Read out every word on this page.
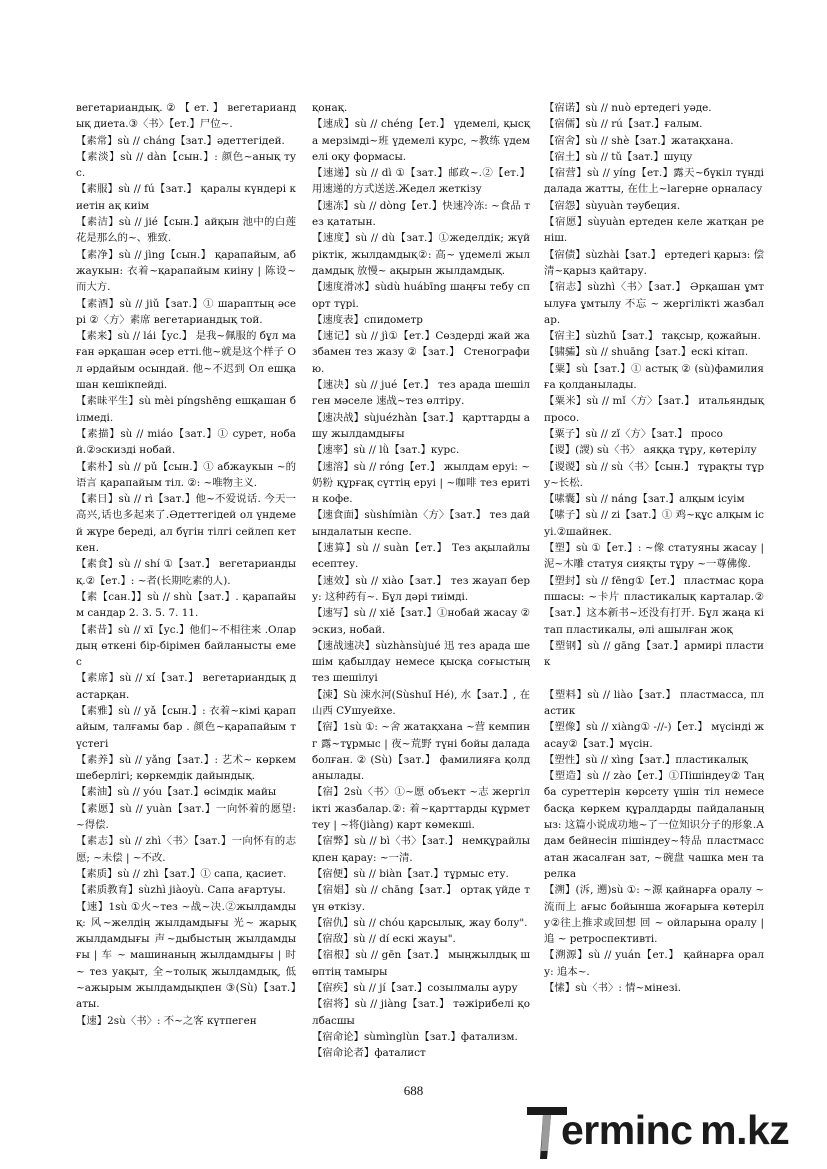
вегетариандық. ② 【 ет. 】 вегетариандық диета.③〈书〉【ет.】尸位~.

【素常】sù // cháng【зат.】әдеттегідей.

【素淡】sù // dàn【сын.】: 颜色~анық тус.

【素服】sù // fú【зат.】 қаралы күндері киетін ақ киім

【素洁】sù // jié【сын.】айқын 池中的白莲花是那么的~、雅致.

【素净】sù // jìng【сын.】 қарапайым, абжаукын: 衣着~қарапайым киіну | 陈设~而大方.

【素酒】sù // jiǔ【зат.】① шараптың әсері ②〈方〉素席 вегетариандық той.

【素来】sù // lái【ус.】 是我~佩服的 бұл маған әрқашан әсер етті.他~就是这个样子 Ол әрдайым осындай. 他~不迟到 Ол ешқашан кешікпейді.

【素昧平生】sù mèi píngshēng ешқашан білмеді.

【素描】sù // miáo【зат.】① сурет, нобай.②эскизді нобай.

【素朴】sù // pǔ【сын.】① абжаукын ~的语言 қарапайым тіл. ②: ~唯物主义.

【素日】sù // rì【зат.】他~不爱说话. 今天一高兴,话也多起来了.Әдеттегідей ол үндемей жүре береді, ал бүгін тілгі сейлеп кеткен.

【素食】sù // shí ①【зат.】 вегетариандық.②【ет.】: ~者(长期吃素的人).

【素【сан.】】sù // shù【зат.】. қарапайым сандар 2. 3. 5. 7. 11.

【素昔】sù // xī【ус.】他们~不相往来 .Олардың өткені бір-бірімен байланысты емес

【素席】sù // xí【зат.】 вегетариандық дастарқан.

【素雅】sù // yǎ【сын.】: 衣着~кімі қарапайым, талғамы бар . 颜色~қарапайым түстегі

【素养】sù // yǎng【зат.】: 艺术~ көркем шеберлігі; көркемдік дайындық.

【素油】sù // yóu【зат.】өсімдік майы

【素愿】sù // yuàn【зат.】一向怀着的愿望: ~得偿.

【素志】sù // zhì〈书〉【зат.】一向怀有的志愿; ~未偿 | ~不改.

【素质】sù // zhì【зат.】① сапа, қасиет.

【素质教育】sùzhì jiàoyù. Сапа ағартуы.

【速】1sù ①火~тез ~战~决.②жылдамдық: 风~желдің жылдамдығы 光~ жарық жылдамдығы 声~дыбыстың жылдамдығы | 车 ~ машинаның жылдамдығы | 时 ~ тез уақыт, 全~толық жылдамдық, 低 ~ажырым жылдамдықпен ③(Sù)【зат.】аты.

【速】2sù〈书〉: 不~之客 күтпеген

қонақ.

【速成】sù // chéng【ет.】 үдемелі, қысқа мерзімді~班 үдемелі курс, ~教练 үдемелі оқу формасы.

【速递】sù // dì ①【зат.】邮政~.②【ет.】用速递的方式送送.Жедел жеткізу

【速冻】sù // dòng【ет.】快速冷冻: ~食品 тез қататын.

【速度】sù // dù【зат.】①жеделдік; жүйріктік, жылдамдық②: 高~ үдемелі жылдамдық 放慢~ ақырын жылдамдық.

【速度滑冰】sùdù huábīng шаңғы тебу спорт түрі.

【速度表】спидометр

【速记】sù // jì①【ет.】Сөздерді жай жазбамен тез жазу ②【зат.】 Стенографию.

【速决】sù // jué【ет.】 тез арада шешілген мәселе 速战~тез өлтіру.

【速决战】sùjuézhàn【зат.】 қарттарды ашу жылдамдығы

【速率】sù // lǜ【зат.】курс.

【速溶】sù // róng【ет.】 жылдам еруі: ~奶粉 құрғақ сүттің еруі | ~咖啡 тез еритін кофе.

【速食面】sùshímiàn〈方〉【зат.】 тез дайындалатын кеспе.

【速算】sù // suàn【ет.】 Тез ақылайлы есептеу.

【速效】sù // xiào【зат.】 тез жауап беру: 这种药有~. Бұл дәрі тиімді.

【速写】sù // xiě【зат.】①нобай жасау ②эскиз, нобай.

【速战速决】sùzhànsùjué 迅 тез арада шешім қабылдау немесе қысқа соғыстың тез шешілуі

【涑】Sù 涑水河(Sùshuǐ Hé), 水【зат.】, 在山西 СУшуейхе.

【宿】1sù ①: ~舍 жатақхана ~营 кемпинг 露~тұрмыс | 夜~荒野 түні бойы далада болған. ② (Sù)【зат.】 фамилияға қолданылады.

【宿】2sù〈书〉①~愿 объект ~志 жергілікті жазбалар.②: 着~қарттарды құрметтеу | ~将(jiàng) карт көмекші.

【宿弊】sù // bì〈书〉【зат.】 немқұрайлықпен қарау: ~一清.

【宿便】sù // biàn【зат.】тұрмыс ету.

【宿娼】sù // chāng【зат.】 ортақ үйде түн өткізу.

【宿仇】sù // chóu қарсылық, жау болу".

【宿敌】sù // dí ескі жауы".

【宿根】sù // gēn【зат.】 мыңжылдық шөптің тамыры

【宿疾】sù // jí【зат.】созылмалы ауру

【宿将】sù // jiàng【зат.】 тәжірибелі қолбасшы

【宿命论】sùmìnglùn【зат.】фатализм.

【宿命论者】фаталист

【宿诺】sù // nuò ертедегі уәде.

【宿儒】sù // rú【зат.】ғалым.

【宿舍】sù // shè【зат.】жатақхана.

【宿土】sù // tǔ【зат.】шуцу

【宿营】sù // yíng【ет.】露天~бүкіл түнді далада жатты, 在仕上~lагерне орналасу

【宿怨】sùyuàn тәубеция.

【宿愿】sùyuàn ертеден келе жатқан реніш.

【宿债】sùzhài【зат.】 ертедегі қарыз: 偿清~қарыз қайтару.

【宿志】sùzhì〈书〉【зат.】 Әрқашан ұмтылуға ұмтылу 不忘 ~ жергілікті жазбалар.

【宿主】sùzhǔ【зат.】 тақсыр, қожайын.

【骕骦】sù // shuāng【зат.】ескі кітап.

【粟】sù【зат.】① астық ② (sù)фамилияға қолданылады.

【粟米】sù // mǐ〈方〉【зат.】 итальяндық просо.

【粟子】sù // zǐ〈方〉【зат.】 просо

【谡】(謖) sù〈书〉 аяққа тұру, көтерілу

【谡谡】sù // sù〈书〉【сын.】 тұрақты тұру~长松.

【嗉囊】sù // náng【зат.】алқым ісуім

【嗉子】sù // zi【зат.】① 鸡~құс алқым ісуі.②шайнек.

【塑】sù ①【ет.】: ~像 статуяны жасау | 泥~木雕 статуя сияқты тұру ~一尊佛像.

【塑封】sù // fēng①【ет.】 пластмас қорапшасы: ~卡片 пластикалық карталар.②【зат.】这本新书~还没有打开. Бұл жаңа кітап пластикалы, әлі ашылған жоқ

【塑钢】sù // gāng【зат.】армирі пластик

【塑料】sù // liào【зат.】 пластмасса, пластик

【塑像】sù // xiàng① -//-)【ет.】 мүсінді жасау②【зат.】мүсін.

【塑性】sù // xìng【зат.】пластикалық

【塑造】sù // zào【ет.】①Пішіндеу② Таңба суреттерін көрсету үшін тіл немесе басқа көркем құралдарды пайдаланыңыз: 这篇小说成功地~了一位知识分子的形象.Адам бейнесін пішіндеу~特品 пластмассатан жасалған зат, ~碗盘 чашка мен тарелка

【溯】(泝, 遡)sù ①: ~源 қайнарға оралу ~流而上 ағыс бойынша жоғарыға көтерілу②往上推求或回想 回 ~ ойларына оралу | 追 ~ ретроспективті.

【溯源】sù // yuán【ет.】 қайнарға оралу: 追本~.

【愫】sù〈书〉: 情~мінезі.

688
erminc m.kz
